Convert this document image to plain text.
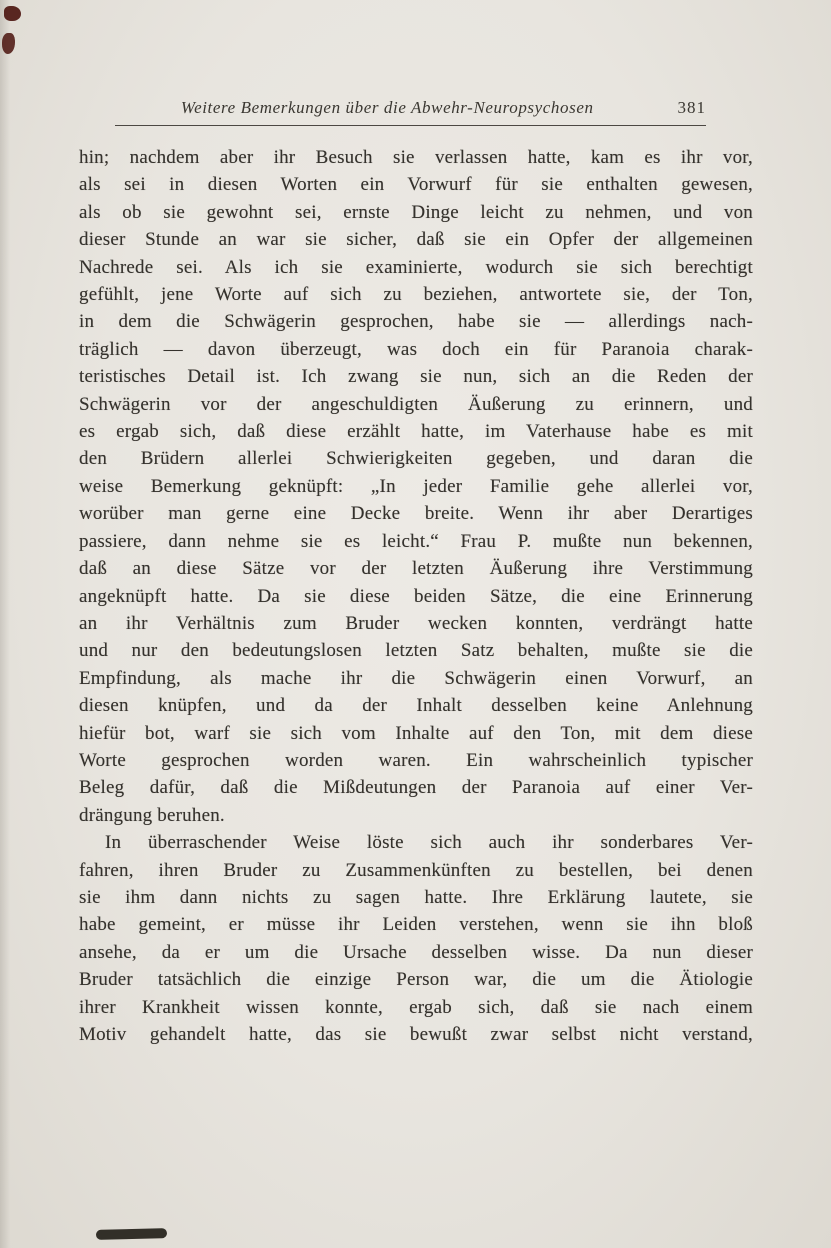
Weitere Bemerkungen über die Abwehr-Neuropsychosen	381
hin; nachdem aber ihr Besuch sie verlassen hatte, kam es ihr vor,
als sei in diesen Worten ein Vorwurf für sie enthalten gewesen,
als ob sie gewohnt sei, ernste Dinge leicht zu nehmen, und von
dieser Stunde an war sie sicher, daß sie ein Opfer der allgemeinen
Nachrede sei. Als ich sie examinierte, wodurch sie sich berechtigt
gefühlt, jene Worte auf sich zu beziehen, antwortete sie, der Ton,
in dem die Schwägerin gesprochen, habe sie — allerdings nach-
träglich — davon überzeugt, was doch ein für Paranoia charak-
teristisches Detail ist. Ich zwang sie nun, sich an die Reden der
Schwägerin vor der angeschuldigten Äußerung zu erinnern, und
es ergab sich, daß diese erzählt hatte, im Vaterhause habe es mit
den Brüdern allerlei Schwierigkeiten gegeben, und daran die
weise Bemerkung geknüpft: „In jeder Familie gehe allerlei vor,
worüber man gerne eine Decke breite. Wenn ihr aber Derartiges
passiere, dann nehme sie es leicht.“ Frau P. mußte nun bekennen,
daß an diese Sätze vor der letzten Äußerung ihre Verstimmung
angeknüpft hatte. Da sie diese beiden Sätze, die eine Erinnerung
an ihr Verhältnis zum Bruder wecken konnten, verdrängt hatte
und nur den bedeutungslosen letzten Satz behalten, mußte sie die
Empfindung, als mache ihr die Schwägerin einen Vorwurf, an
diesen knüpfen, und da der Inhalt desselben keine Anlehnung
hiefür bot, warf sie sich vom Inhalte auf den Ton, mit dem diese
Worte gesprochen worden waren. Ein wahrscheinlich typischer
Beleg dafür, daß die Mißdeutungen der Paranoia auf einer Ver-
drängung beruhen.
In überraschender Weise löste sich auch ihr sonderbares Ver-
fahren, ihren Bruder zu Zusammenkünften zu bestellen, bei denen
sie ihm dann nichts zu sagen hatte. Ihre Erklärung lautete, sie
habe gemeint, er müsse ihr Leiden verstehen, wenn sie ihn bloß
ansehe, da er um die Ursache desselben wisse. Da nun dieser
Bruder tatsächlich die einzige Person war, die um die Ätiologie
ihrer Krankheit wissen konnte, ergab sich, daß sie nach einem
Motiv gehandelt hatte, das sie bewußt zwar selbst nicht verstand,
